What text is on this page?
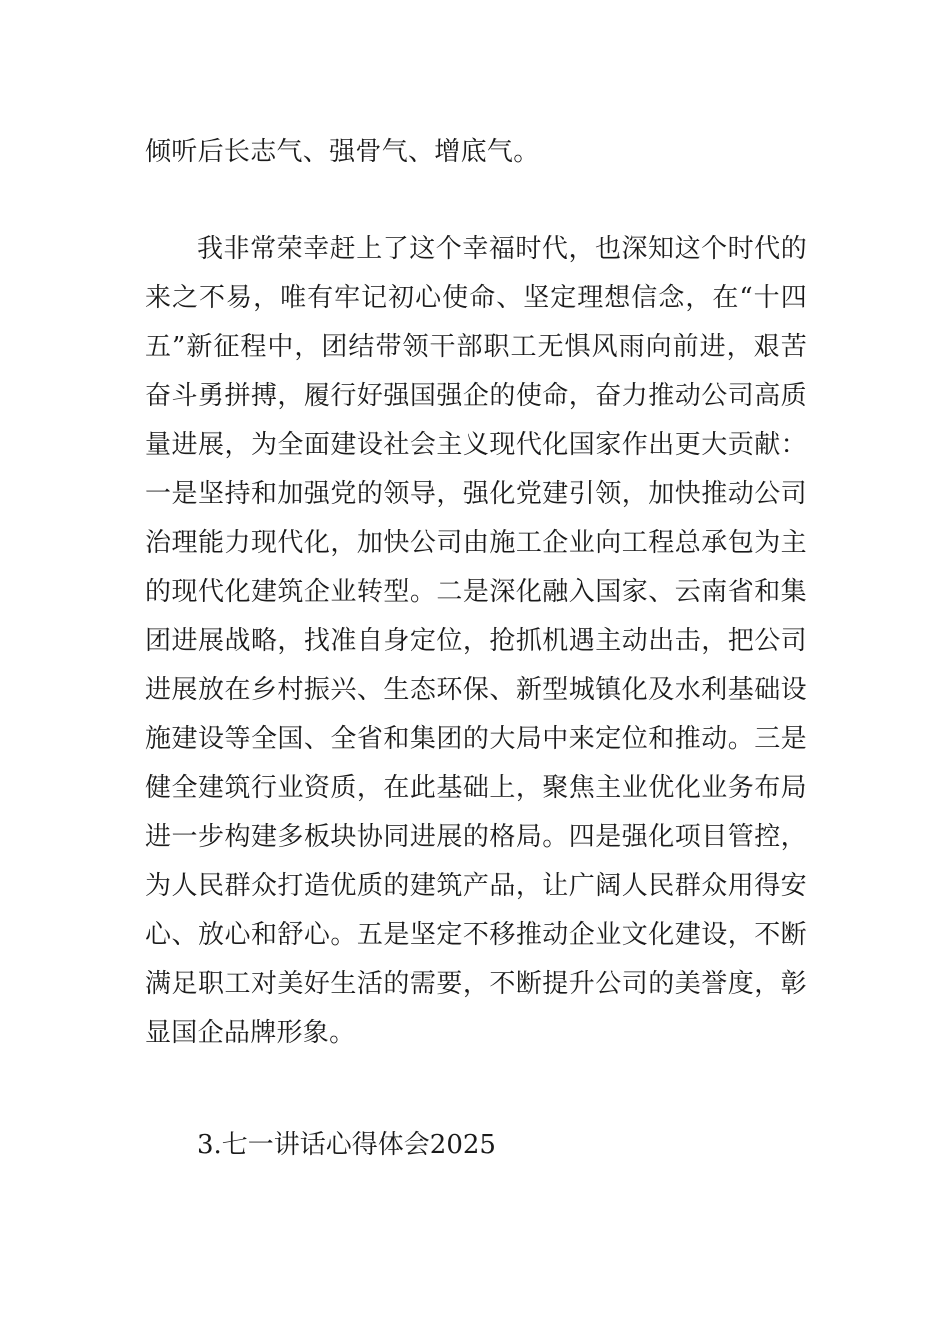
倾听后长志气、强骨气、增底气。

我非常荣幸赶上了这个幸福时代，也深知这个时代的来之不易，唯有牢记初心使命、坚定理想信念，在“十四五”新征程中，团结带领干部职工无惧风雨向前进，艰苦奋斗勇拼搏，履行好强国强企的使命，奋力推动公司高质量进展，为全面建设社会主义现代化国家作出更大贡献：一是坚持和加强党的领导，强化党建引领，加快推动公司治理能力现代化，加快公司由施工企业向工程总承包为主的现代化建筑企业转型。二是深化融入国家、云南省和集团进展战略，找准自身定位，抢抓机遇主动出击，把公司进展放在乡村振兴、生态环保、新型城镇化及水利基础设施建设等全国、全省和集团的大局中来定位和推动。三是健全建筑行业资质，在此基础上，聚焦主业优化业务布局进一步构建多板块协同进展的格局。四是强化项目管控，为人民群众打造优质的建筑产品，让广阔人民群众用得安心、放心和舒心。五是坚定不移推动企业文化建设，不断满足职工对美好生活的需要，不断提升公司的美誉度，彰显国企品牌形象。

3.七一讲话心得体会2025
